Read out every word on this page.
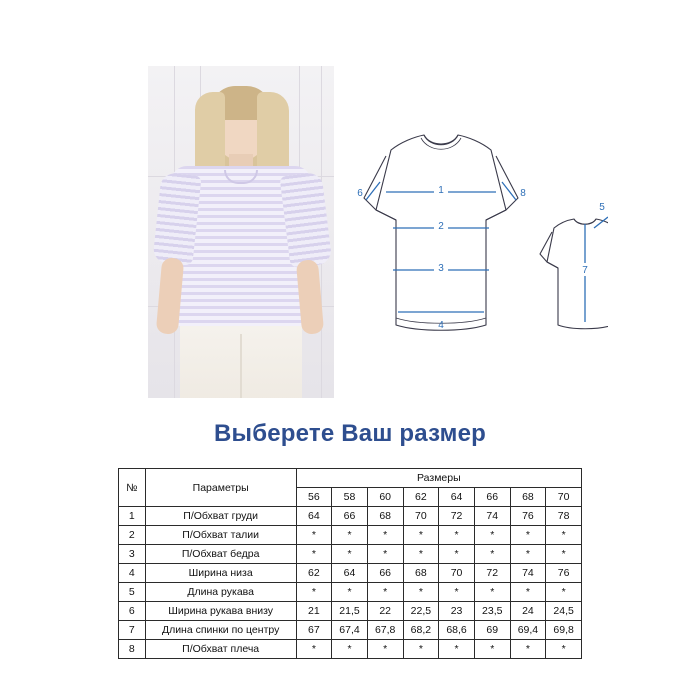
1
2
3
4
6	8
7
5
Выберете Ваш размер
№	Параметры	Размеры							
		56	58	60	62	64	66	68	70
1	П/Обхват груди	64	66	68	70	72	74	76	78
2	П/Обхват талии	*	*	*	*	*	*	*	*
3	П/Обхват бедра	*	*	*	*	*	*	*	*
4	Ширина низа	62	64	66	68	70	72	74	76
5	Длина рукава	*	*	*	*	*	*	*	*
6	Ширина рукава внизу	21	21,5	22	22,5	23	23,5	24	24,5
7	Длина спинки по центру	67	67,4	67,8	68,2	68,6	69	69,4	69,8
8	П/Обхват плеча	*	*	*	*	*	*	*	*
